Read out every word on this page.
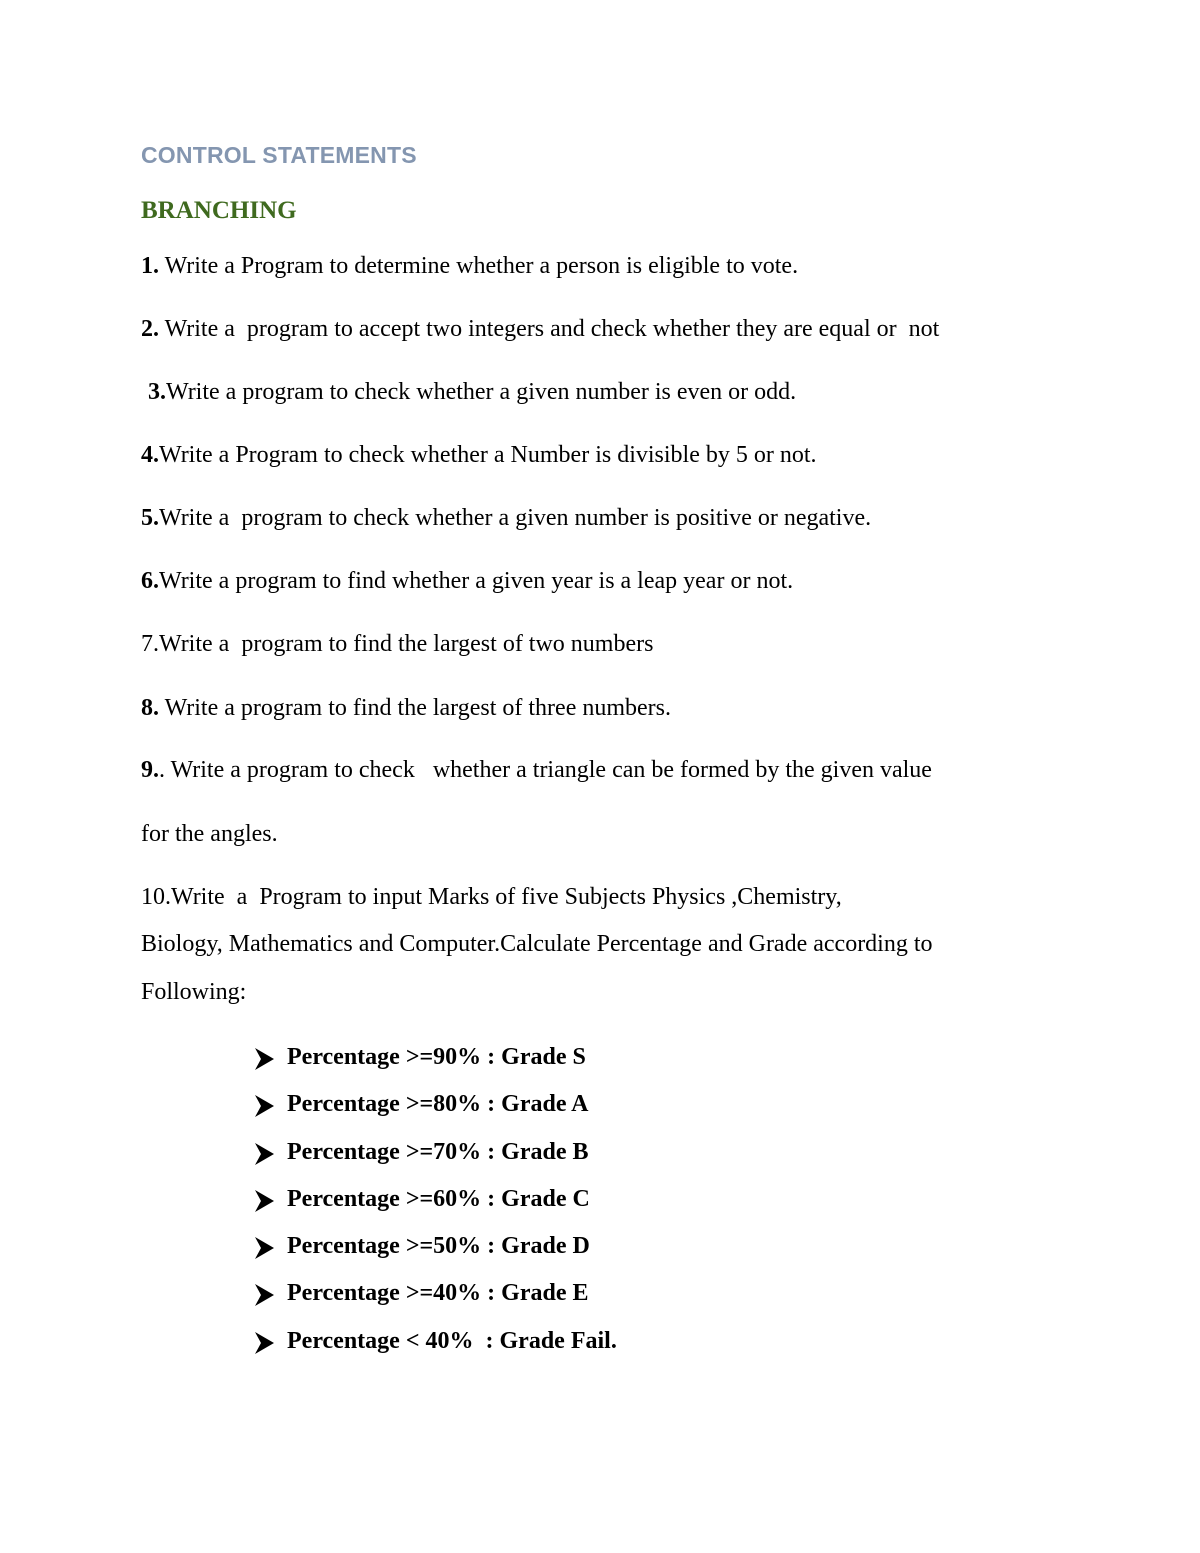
CONTROL STATEMENTS
BRANCHING
1. Write a Program to determine whether a person is eligible to vote.
2. Write a  program to accept two integers and check whether they are equal or  not
3.Write a program to check whether a given number is even or odd.
4.Write a Program to check whether a Number is divisible by 5 or not.
5.Write a  program to check whether a given number is positive or negative.
6.Write a program to find whether a given year is a leap year or not.
7.Write a  program to find the largest of two numbers
8. Write a program to find the largest of three numbers.
9.. Write a program to check   whether a triangle can be formed by the given value
for the angles.
10.Write  a  Program to input Marks of five Subjects Physics ,Chemistry,
Biology, Mathematics and Computer.Calculate Percentage and Grade according to
Following:

Percentage >=90% : Grade S

Percentage >=80% : Grade A

Percentage >=70% : Grade B

Percentage >=60% : Grade C

Percentage >=50% : Grade D

Percentage >=40% : Grade E

Percentage < 40%  : Grade Fail.
